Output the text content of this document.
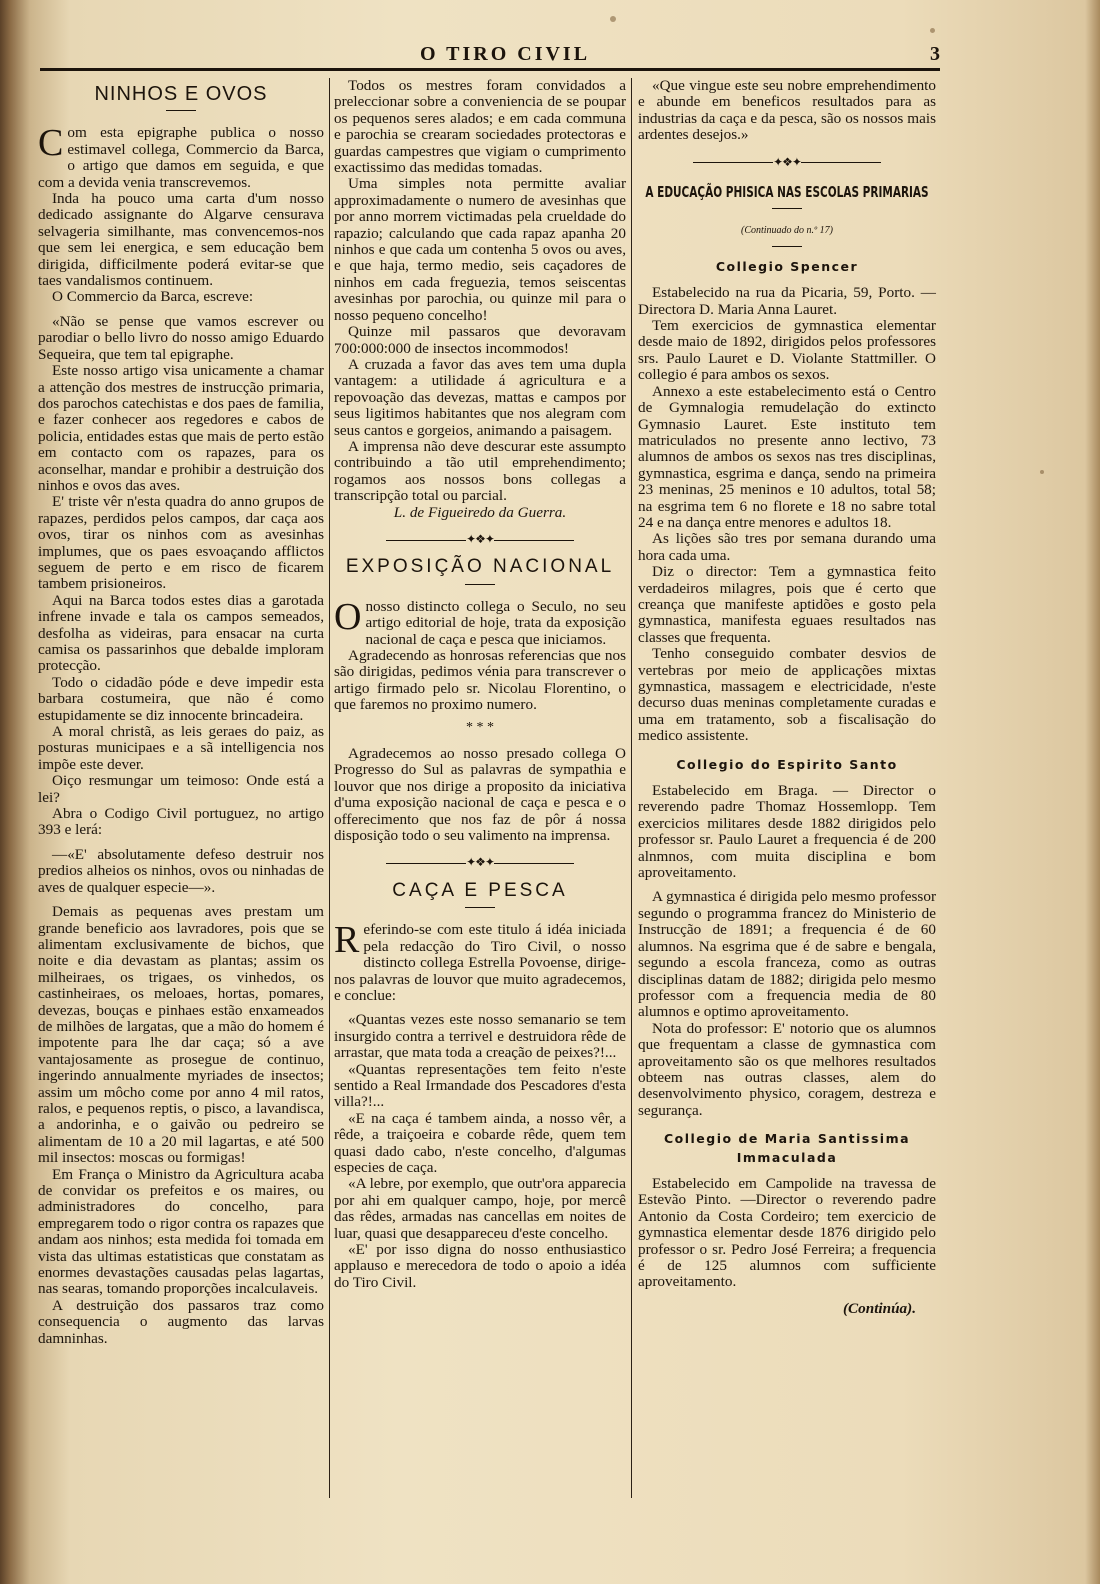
O TIRO CIVIL	3
NINHOS E OVOS

Com esta epigraphe publica o nosso estimavel collega, Commercio da Barca, o artigo que damos em seguida, e que com a devida venia transcrevemos.

Inda ha pouco uma carta d'um nosso dedicado assignante do Algarve censurava selvageria similhante, mas convencemos-nos que sem lei energica, e sem educação bem dirigida, difficilmente poderá evitar-se que taes vandalismos continuem.

O Commercio da Barca, escreve:

«Não se pense que vamos escrever ou parodiar o bello livro do nosso amigo Eduardo Sequeira, que tem tal epigraphe.

Este nosso artigo visa unicamente a chamar a attenção dos mestres de instrucção primaria, dos parochos catechistas e dos paes de familia, e fazer conhecer aos regedores e cabos de policia, entidades estas que mais de perto estão em contacto com os rapazes, para os aconselhar, mandar e prohibir a destruição dos ninhos e ovos das aves.

E' triste vêr n'esta quadra do anno grupos de rapazes, perdidos pelos campos, dar caça aos ovos, tirar os ninhos com as avesinhas implumes, que os paes esvoaçando afflictos seguem de perto e em risco de ficarem tambem prisioneiros.

Aqui na Barca todos estes dias a garotada infrene invade e tala os campos semeados, desfolha as videiras, para ensacar na curta camisa os passarinhos que debalde imploram protecção.

Todo o cidadão póde e deve impedir esta barbara costumeira, que não é como estupidamente se diz innocente brincadeira.

A moral christã, as leis geraes do paiz, as posturas municipaes e a sã intelligencia nos impõe este dever.

Oiço resmungar um teimoso: Onde está a lei?

Abra o Codigo Civil portuguez, no artigo 393 e lerá:

—«E' absolutamente defeso destruir nos predios alheios os ninhos, ovos ou ninhadas de aves de qualquer especie—».

Demais as pequenas aves prestam um grande beneficio aos lavradores, pois que se alimentam exclusivamente de bichos, que noite e dia devastam as plantas; assim os milheiraes, os trigaes, os vinhedos, os castinheiraes, os meloaes, hortas, pomares, devezas, bouças e pinhaes estão enxameados de milhões de largatas, que a mão do homem é impotente para lhe dar caça; só a ave vantajosamente as prosegue de continuo, ingerindo annualmente myriades de insectos; assim um môcho come por anno 4 mil ratos, ralos, e pequenos reptis, o pisco, a lavandisca, a andorinha, e o gaivão ou pedreiro se alimentam de 10 a 20 mil lagartas, e até 500 mil insectos: moscas ou formigas!

Em França o Ministro da Agricultura acaba de convidar os prefeitos e os maires, ou administradores do concelho, para empregarem todo o rigor contra os rapazes que andam aos ninhos; esta medida foi tomada em vista das ultimas estatisticas que constatam as enormes devastações causadas pelas lagartas, nas searas, tomando proporções incalculaveis.

A destruição dos passaros traz como consequencia o augmento das larvas damninhas.

Todos os mestres foram convidados a preleccionar sobre a conveniencia de se poupar os pequenos seres alados; e em cada communa e parochia se crearam sociedades protectoras e guardas campestres que vigiam o cumprimento exactissimo das medidas tomadas.

Uma simples nota permitte avaliar approximadamente o numero de avesinhas que por anno morrem victimadas pela crueldade do rapazio; calculando que cada rapaz apanha 20 ninhos e que cada um contenha 5 ovos ou aves, e que haja, termo medio, seis caçadores de ninhos em cada freguezia, temos seiscentas avesinhas por parochia, ou quinze mil para o nosso pequeno concelho!

Quinze mil passaros que devoravam 700:000:000 de insectos incommodos!

A cruzada a favor das aves tem uma dupla vantagem: a utilidade á agricultura e a repovoação das devezas, mattas e campos por seus ligitimos habitantes que nos alegram com seus cantos e gorgeios, animando a paisagem.

A imprensa não deve descurar este assumpto contribuindo a tão util emprehendimento; rogamos aos nossos bons collegas a transcripção total ou parcial.

L. de Figueiredo da Guerra.

✦❖✦
EXPOSIÇÃO NACIONAL

Onosso distincto collega o Seculo, no seu artigo editorial de hoje, trata da exposição nacional de caça e pesca que iniciamos.

Agradecendo as honrosas referencias que nos são dirigidas, pedimos vénia para transcrever o artigo firmado pelo sr. Nicolau Florentino, o que faremos no proximo numero.

* * *

Agradecemos ao nosso presado collega O Progresso do Sul as palavras de sympathia e louvor que nos dirige a proposito da iniciativa d'uma exposição nacional de caça e pesca e o offerecimento que nos faz de pôr á nossa disposição todo o seu valimento na imprensa.

✦❖✦
CAÇA E PESCA

Referindo-se com este titulo á idéa iniciada pela redacção do Tiro Civil, o nosso distincto collega Estrella Povoense, dirige-nos palavras de louvor que muito agradecemos, e conclue:

«Quantas vezes este nosso semanario se tem insurgido contra a terrivel e destruidora rêde de arrastar, que mata toda a creação de peixes?!...

«Quantas representações tem feito n'este sentido a Real Irmandade dos Pescadores d'esta villa?!...

«E na caça é tambem ainda, a nosso vêr, a rêde, a traiçoeira e cobarde rêde, quem tem quasi dado cabo, n'este concelho, d'algumas especies de caça.

«A lebre, por exemplo, que outr'ora apparecia por ahi em qualquer campo, hoje, por mercê das rêdes, armadas nas cancellas em noites de luar, quasi que desappareceu d'este concelho.

«E' por isso digna do nosso enthusiastico applauso e merecedora de todo o apoio a idéa do Tiro Civil.

«Que vingue este seu nobre emprehendimento e abunde em beneficos resultados para as industrias da caça e da pesca, são os nossos mais ardentes desejos.»

✦❖✦
A EDUCAÇÃO PHISICA NAS ESCOLAS PRIMARIAS
(Continuado do n.º 17)
Collegio Spencer

Estabelecido na rua da Picaria, 59, Porto. —Directora D. Maria Anna Lauret.

Tem exercicios de gymnastica elementar desde maio de 1892, dirigidos pelos professores srs. Paulo Lauret e D. Violante Stattmiller. O collegio é para ambos os sexos.

Annexo a este estabelecimento está o Centro de Gymnalogia remudelação do extincto Gymnasio Lauret. Este instituto tem matriculados no presente anno lectivo, 73 alumnos de ambos os sexos nas tres disciplinas, gymnastica, esgrima e dança, sendo na primeira 23 meninas, 25 meninos e 10 adultos, total 58; na esgrima tem 6 no florete e 18 no sabre total 24 e na dança entre menores e adultos 18.

As lições são tres por semana durando uma hora cada uma.

Diz o director: Tem a gymnastica feito verdadeiros milagres, pois que é certo que creança que manifeste aptidões e gosto pela gymnastica, manifesta eguaes resultados nas classes que frequenta.

Tenho conseguido combater desvios de vertebras por meio de applicações mixtas gymnastica, massagem e electricidade, n'este decurso duas meninas completamente curadas e uma em tratamento, sob a fiscalisação do medico assistente.

Collegio do Espirito Santo

Estabelecido em Braga. — Director o reverendo padre Thomaz Hossemlopp. Tem exercicios militares desde 1882 dirigidos pelo professor sr. Paulo Lauret a frequencia é de 200 alnmnos, com muita disciplina e bom aproveitamento.

A gymnastica é dirigida pelo mesmo professor segundo o programma francez do Ministerio de Instrucção de 1891; a frequencia é de 60 alumnos. Na esgrima que é de sabre e bengala, segundo a escola franceza, como as outras disciplinas datam de 1882; dirigida pelo mesmo professor com a frequencia media de 80 alumnos e optimo aproveitamento.

Nota do professor: E' notorio que os alumnos que frequentam a classe de gymnastica com aproveitamento são os que melhores resultados obteem nas outras classes, alem do desenvolvimento physico, coragem, destreza e segurança.

Collegio de Maria Santissima
Immaculada

Estabelecido em Campolide na travessa de Estevão Pinto. —Director o reverendo padre Antonio da Costa Cordeiro; tem exercicio de gymnastica elementar desde 1876 dirigido pelo professor o sr. Pedro José Ferreira; a frequencia é de 125 alumnos com sufficiente aproveitamento.

(Continúa).
